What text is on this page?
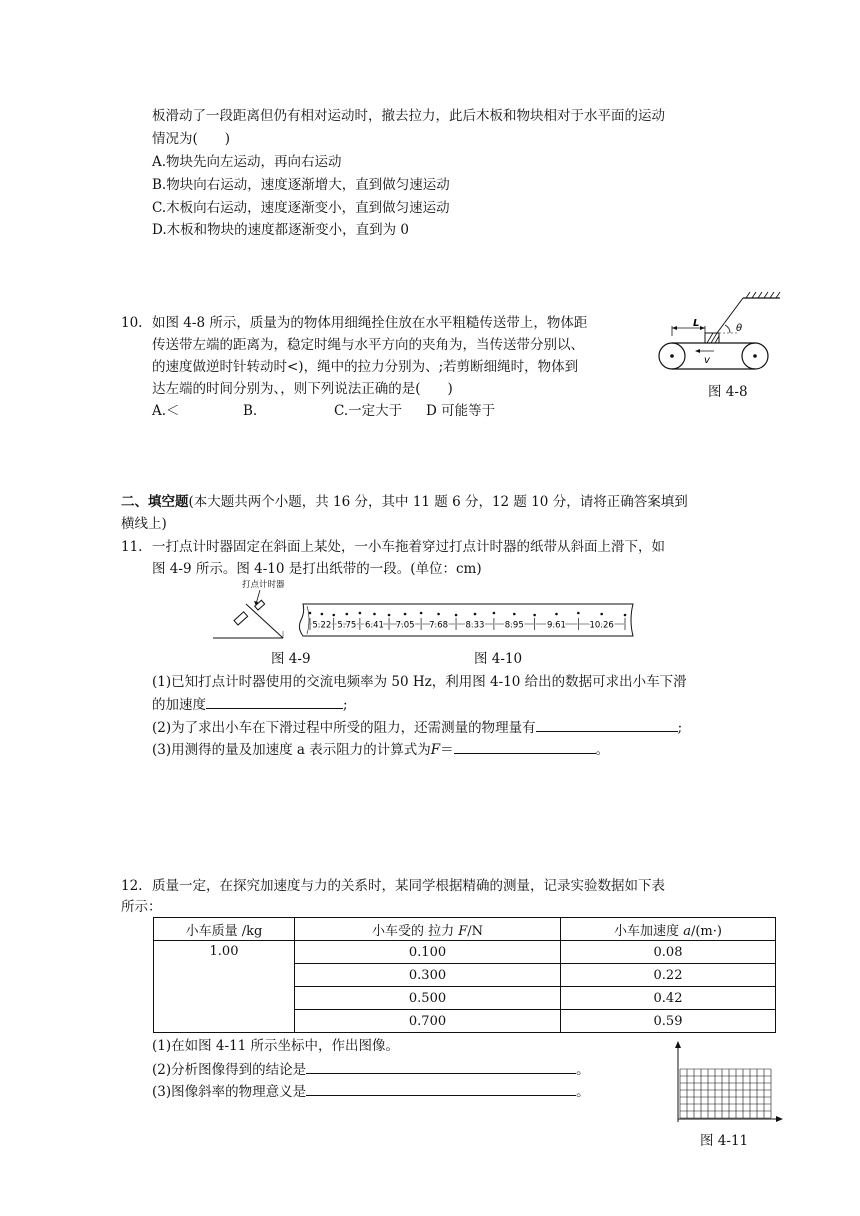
板滑动了一段距离但仍有相对运动时，撤去拉力，此后木板和物块相对于水平面的运动
情况为(　　)
A.物块先向左运动，再向右运动
B.物块向右运动，速度逐渐增大，直到做匀速运动
C.木板向右运动，速度逐渐变小，直到做匀速运动
D.木板和物块的速度都逐渐变小，直到为 0
10. 如图 4-8 所示，质量为的物体用细绳拴住放在水平粗糙传送带上，物体距
传送带左端的距离为，稳定时绳与水平方向的夹角为，当传送带分别以、
的速度做逆时针转动时<)，绳中的拉力分别为、;若剪断细绳时，物体到
达左端的时间分别为、，则下列说法正确的是(　　)
A.＜	B.	C.一定大于 D 可能等于
θ
L
v
图 4-8
二、填空题(本大题共两个小题，共 16 分，其中 11 题 6 分，12 题 10 分，请将正确答案填到
横线上)
11. 一打点计时器固定在斜面上某处，一小车拖着穿过打点计时器的纸带从斜面上滑下，如
图 4-9 所示。图 4-10 是打出纸带的一段。(单位：cm)
打点计时器
5.22 5.75 6.41 7.05 7.68 8.33 8.95	9.61	10.26
图 4-9	图 4-10
(1)已知打点计时器使用的交流电频率为 50 Hz，利用图 4-10 给出的数据可求出小车下滑
的加速度	;
(2)为了求出小车在下滑过程中所受的阻力，还需测量的物理量有	;
(3)用测得的量及加速度 a 表示阻力的计算式为F＝	。
12. 质量一定，在探究加速度与力的关系时，某同学根据精确的测量，记录实验数据如下表
所示：
小车质量 /kg	小车受的 拉力 F/N	小车加速度 a/(m·)
1.00	0.100	0.08
	0.300	0.22
	0.500	0.42
	0.700	0.59
(1)在如图 4-11 所示坐标中，作出图像。
(2)分析图像得到的结论是	。
(3)图像斜率的物理意义是	。
图 4-11
